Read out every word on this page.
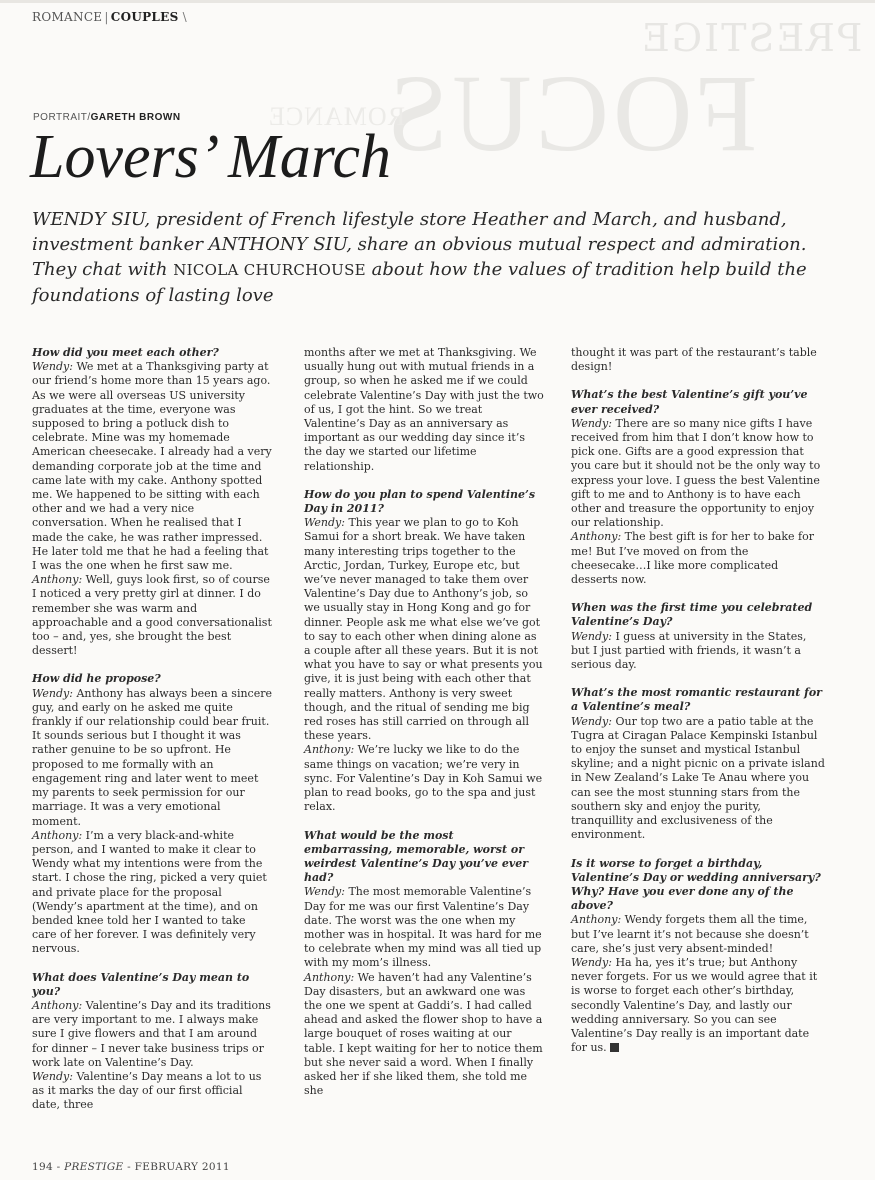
ROMANCE | COUPLES \	PRESTIGE
FOCUS
ROMANCE
PORTRAIT/GARETH BROWN
Lovers’ March

WENDY SIU, president of French lifestyle store Heather and March, and husband, investment banker ANTHONY SIU, share an obvious mutual respect and admiration. They chat with NICOLA CHURCHOUSE about how the values of tradition help build the foundations of lasting love

How did you meet each other?

Wendy: We met at a Thanksgiving party at our friend’s home more than 15 years ago. As we were all overseas US university graduates at the time, everyone was supposed to bring a potluck dish to celebrate. Mine was my homemade American cheesecake. I already had a very demanding corporate job at the time and came late with my cake. Anthony spotted me. We happened to be sitting with each other and we had a very nice conversation. When he realised that I made the cake, he was rather impressed. He later told me that he had a feeling that I was the one when he first saw me.

Anthony: Well, guys look first, so of course I noticed a very pretty girl at dinner. I do remember she was warm and approachable and a good conversationalist too – and, yes, she brought the best dessert!

How did he propose?

Wendy: Anthony has always been a sincere guy, and early on he asked me quite frankly if our relationship could bear fruit. It sounds serious but I thought it was rather genuine to be so upfront. He proposed to me formally with an engagement ring and later went to meet my parents to seek permission for our marriage. It was a very emotional moment.

Anthony: I’m a very black-and-white person, and I wanted to make it clear to Wendy what my intentions were from the start. I chose the ring, picked a very quiet and private place for the proposal (Wendy’s apartment at the time), and on bended knee told her I wanted to take care of her forever. I was definitely very nervous.

What does Valentine’s Day mean to you?

Anthony: Valentine’s Day and its traditions are very important to me. I always make sure I give flowers and that I am around for dinner – I never take business trips or work late on Valentine’s Day.

Wendy: Valentine’s Day means a lot to us as it marks the day of our first official date, three

months after we met at Thanksgiving. We usually hung out with mutual friends in a group, so when he asked me if we could celebrate Valentine’s Day with just the two of us, I got the hint. So we treat Valentine’s Day as an anniversary as important as our wedding day since it’s the day we started our lifetime relationship.

How do you plan to spend Valentine’s Day in 2011?

Wendy: This year we plan to go to Koh Samui for a short break. We have taken many interesting trips together to the Arctic, Jordan, Turkey, Europe etc, but we’ve never managed to take them over Valentine’s Day due to Anthony’s job, so we usually stay in Hong Kong and go for dinner. People ask me what else we’ve got to say to each other when dining alone as a couple after all these years. But it is not what you have to say or what presents you give, it is just being with each other that really matters. Anthony is very sweet though, and the ritual of sending me big red roses has still carried on through all these years.

Anthony: We’re lucky we like to do the same things on vacation; we’re very in sync. For Valentine’s Day in Koh Samui we plan to read books, go to the spa and just relax.

What would be the most embarrassing, memorable, worst or weirdest Valentine’s Day you’ve ever had?

Wendy: The most memorable Valentine’s Day for me was our first Valentine’s Day date. The worst was the one when my mother was in hospital. It was hard for me to celebrate when my mind was all tied up with my mom’s illness.

Anthony: We haven’t had any Valentine’s Day disasters, but an awkward one was the one we spent at Gaddi’s. I had called ahead and asked the flower shop to have a large bouquet of roses waiting at our table. I kept waiting for her to notice them but she never said a word. When I finally asked her if she liked them, she told me she

thought it was part of the restaurant’s table design!

What’s the best Valentine’s gift you’ve ever received?

Wendy: There are so many nice gifts I have received from him that I don’t know how to pick one. Gifts are a good expression that you care but it should not be the only way to express your love. I guess the best Valentine gift to me and to Anthony is to have each other and treasure the opportunity to enjoy our relationship.

Anthony: The best gift is for her to bake for me! But I’ve moved on from the cheesecake…I like more complicated desserts now.

When was the first time you celebrated Valentine’s Day?

Wendy: I guess at university in the States, but I just partied with friends, it wasn’t a serious day.

What’s the most romantic restaurant for a Valentine’s meal?

Wendy: Our top two are a patio table at the Tugra at Ciragan Palace Kempinski Istanbul to enjoy the sunset and mystical Istanbul skyline; and a night picnic on a private island in New Zealand’s Lake Te Anau where you can see the most stunning stars from the southern sky and enjoy the purity, tranquillity and exclusiveness of the environment.

Is it worse to forget a birthday, Valentine’s Day or wedding anniversary? Why? Have you ever done any of the above?

Anthony: Wendy forgets them all the time, but I’ve learnt it’s not because she doesn’t care, she’s just very absent-minded!

Wendy: Ha ha, yes it’s true; but Anthony never forgets. For us we would agree that it is worse to forget each other’s birthday, secondly Valentine’s Day, and lastly our wedding anniversary. So you can see Valentine’s Day really is an important date for us.

194 - PRESTIGE - FEBRUARY 2011
